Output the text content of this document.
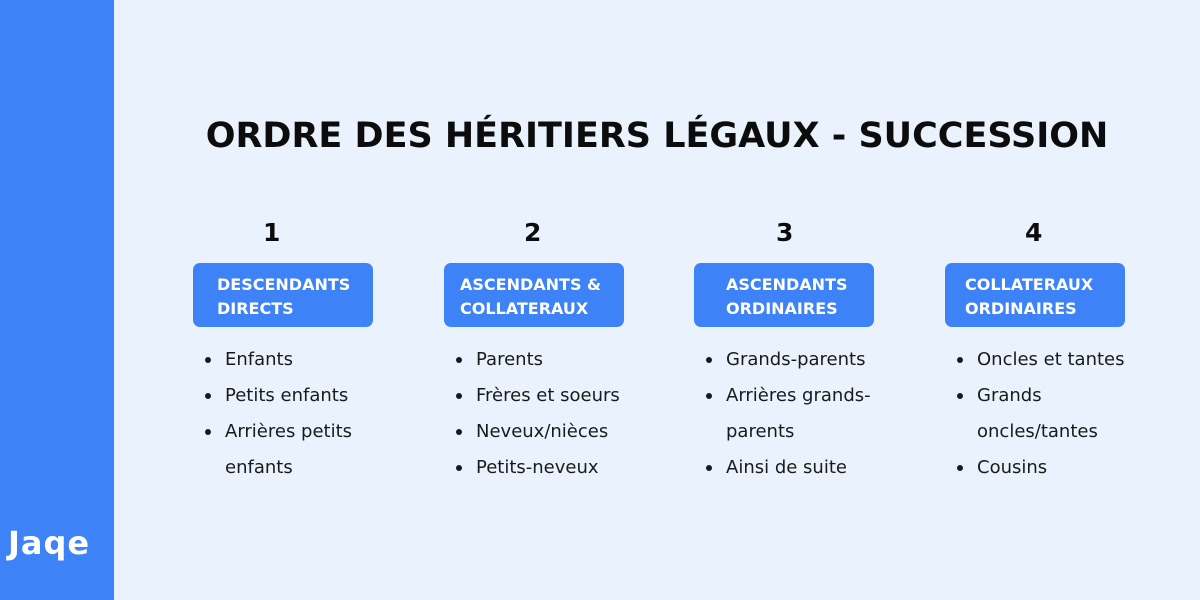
Jaqe
ORDRE DES HÉRITIERS LÉGAUX - SUCCESSION
1
DESCENDANTS
DIRECTS
Enfants
Petits enfants
Arrières petits enfants
2
ASCENDANTS &
COLLATERAUX
Parents
Frères et soeurs
Neveux/nièces
Petits-neveux
3
ASCENDANTS
ORDINAIRES
Grands-parents
Arrières grands-parents
Ainsi de suite
4
COLLATERAUX
ORDINAIRES
Oncles et tantes
Grands oncles/tantes
Cousins
